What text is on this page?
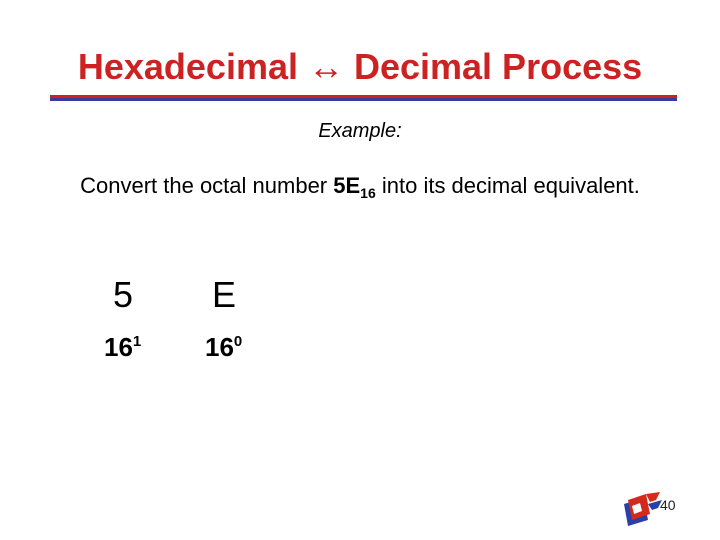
Hexadecimal ↔ Decimal Process
Example:
Convert the octal number $5E_{16}$ into its decimal equivalent.
5 E
$16^1$ $16^0$
40
